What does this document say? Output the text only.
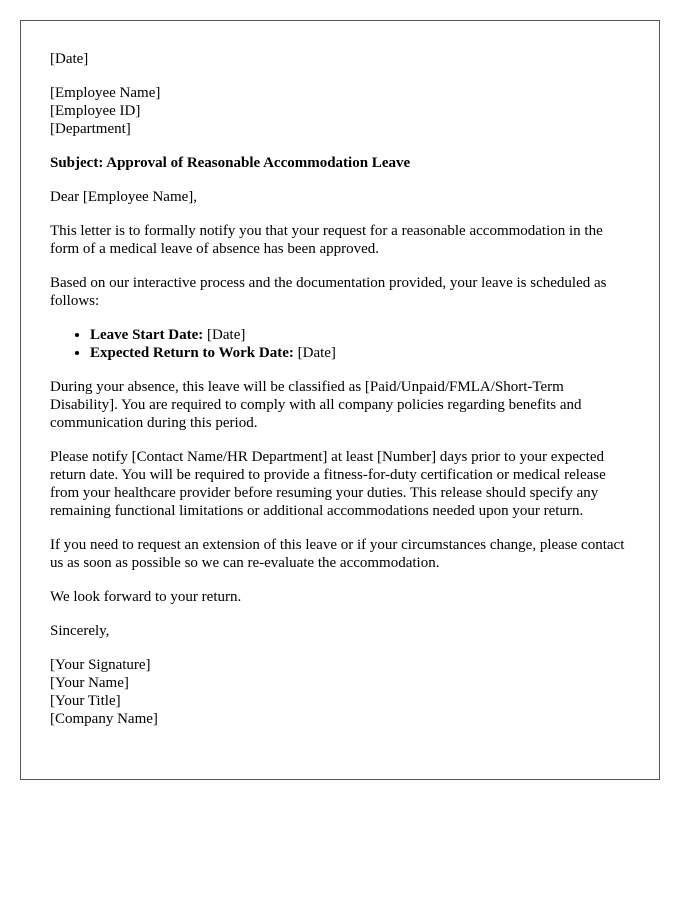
[Date]

[Employee Name]
[Employee ID]
[Department]

Subject: Approval of Reasonable Accommodation Leave

Dear [Employee Name],

This letter is to formally notify you that your request for a reasonable accommodation in the form of a medical leave of absence has been approved.

Based on our interactive process and the documentation provided, your leave is scheduled as follows:

• Leave Start Date: [Date]
• Expected Return to Work Date: [Date]

During your absence, this leave will be classified as [Paid/Unpaid/FMLA/Short-Term Disability]. You are required to comply with all company policies regarding benefits and communication during this period.

Please notify [Contact Name/HR Department] at least [Number] days prior to your expected return date. You will be required to provide a fitness-for-duty certification or medical release from your healthcare provider before resuming your duties. This release should specify any remaining functional limitations or additional accommodations needed upon your return.

If you need to request an extension of this leave or if your circumstances change, please contact us as soon as possible so we can re-evaluate the accommodation.

We look forward to your return.

Sincerely,

[Your Signature]
[Your Name]
[Your Title]
[Company Name]
